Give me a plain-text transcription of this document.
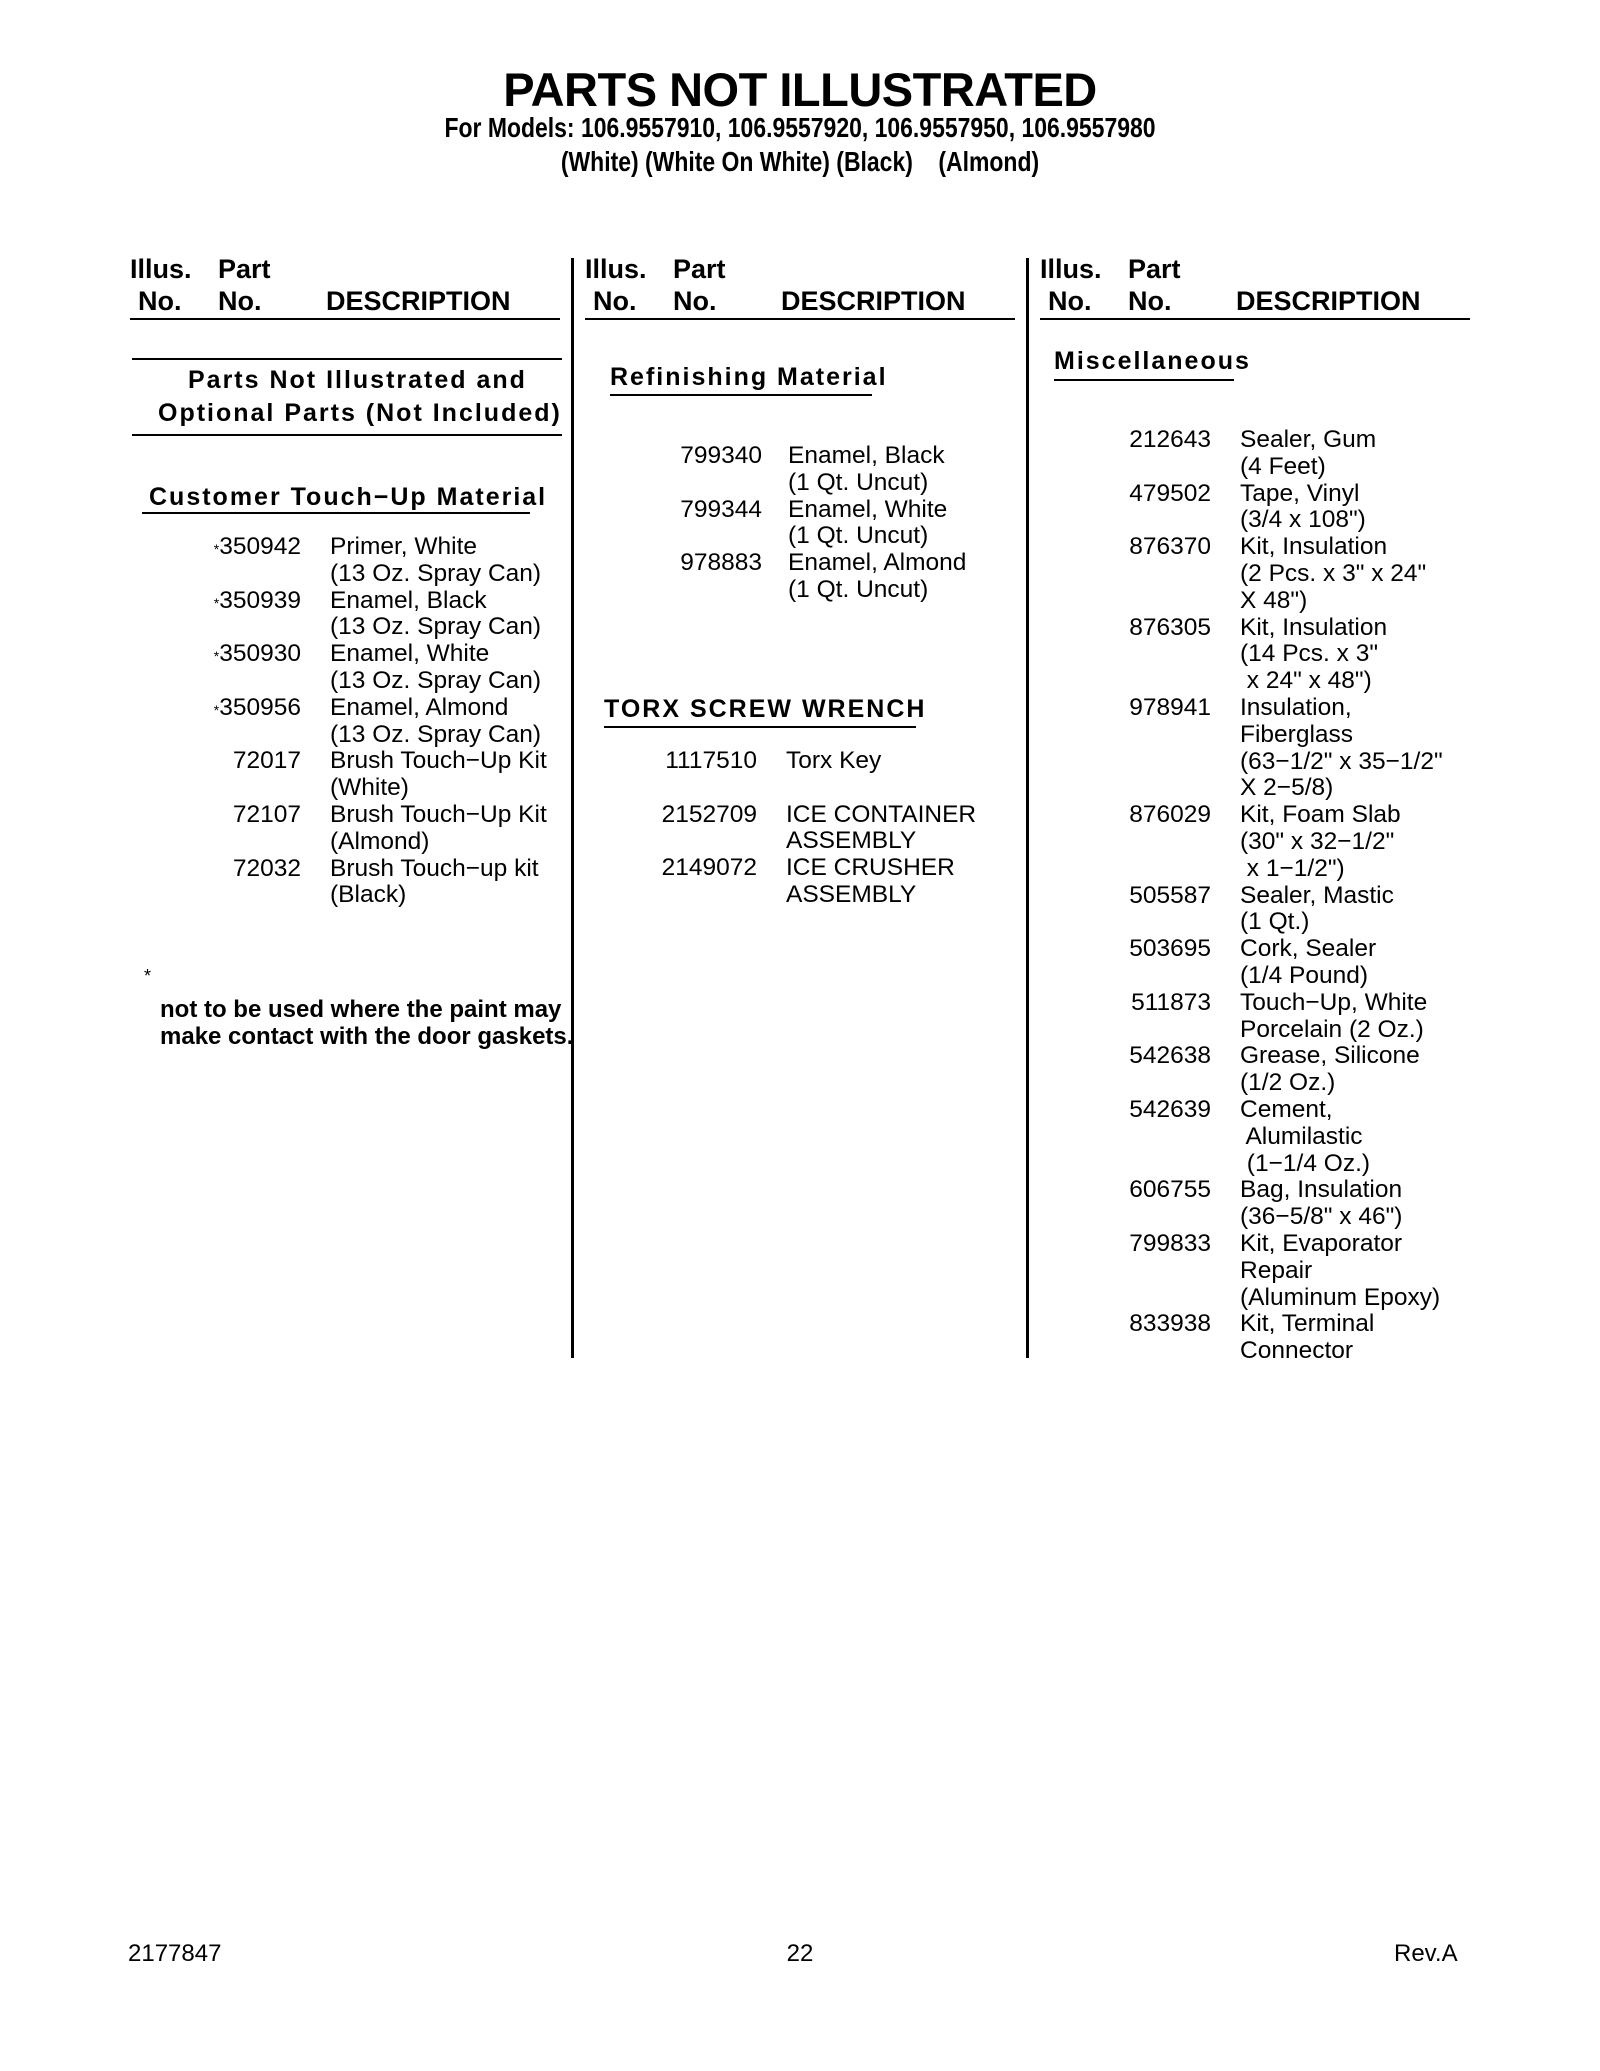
PARTS NOT ILLUSTRATED
For Models: 106.9557910, 106.9557920, 106.9557950, 106.9557980
(White) (White On White) (Black)    (Almond)
Illus.
No.
Part
No. DESCRIPTION
Illus.
No.
Part
No. DESCRIPTION
Illus.
No.
Part
No. DESCRIPTION
Parts Not Illustrated and
Optional Parts (Not Included)
Customer Touch−Up Material
*350942 Primer, White
(13 Oz. Spray Can)
*350939 Enamel, Black
(13 Oz. Spray Can)
*350930 Enamel, White
(13 Oz. Spray Can)
*350956 Enamel, Almond
(13 Oz. Spray Can)
72017 Brush Touch−Up Kit
(White)
72107 Brush Touch−Up Kit
(Almond)
72032 Brush Touch−up kit
(Black)
*
not to be used where the paint may make contact with the door gaskets.
Refinishing Material
799340 Enamel, Black
(1 Qt. Uncut)
799344 Enamel, White
(1 Qt. Uncut)
978883 Enamel, Almond
(1 Qt. Uncut)
TORX SCREW WRENCH
1117510 Torx Key

2152709 ICE CONTAINER
ASSEMBLY
2149072 ICE CRUSHER
ASSEMBLY
Miscellaneous
212643 Sealer, Gum
(4 Feet)
479502 Tape, Vinyl
(3/4 x 108")
876370 Kit, Insulation
(2 Pcs. x 3" x 24"
X 48")
876305 Kit, Insulation
(14 Pcs. x 3"
x 24" x 48")
978941 Insulation,
Fiberglass
(63−1/2" x 35−1/2"
X 2−5/8)
876029 Kit, Foam Slab
(30" x 32−1/2"
x 1−1/2")
505587 Sealer, Mastic
(1 Qt.)
503695 Cork, Sealer
(1/4 Pound)
511873 Touch−Up, White
Porcelain (2 Oz.)
542638 Grease, Silicone
(1/2 Oz.)
542639 Cement,
Alumilastic
(1−1/4 Oz.)
606755 Bag, Insulation
(36−5/8" x 46")
799833 Kit, Evaporator
Repair
(Aluminum Epoxy)
833938 Kit, Terminal
Connector
2177847	22	Rev.A
